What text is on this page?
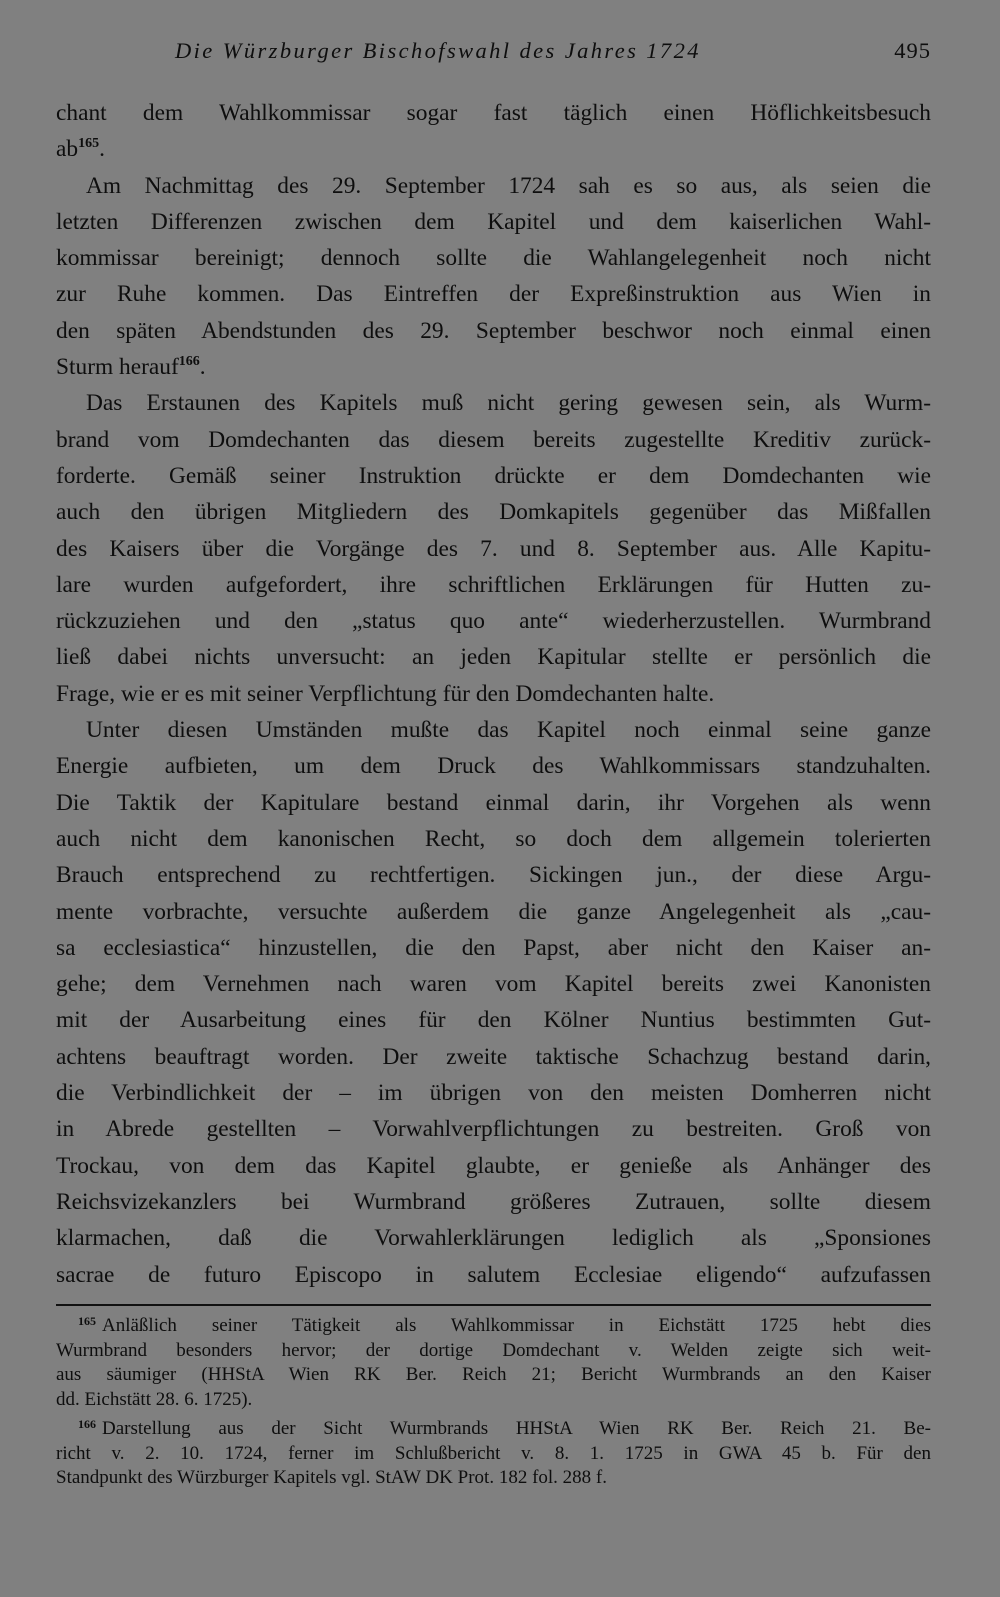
Die Würzburger Bischofswahl des Jahres 1724	495
chant dem Wahlkommissar sogar fast täglich einen Höflichkeitsbesuch
ab$^{165}$.
Am Nachmittag des 29. September 1724 sah es so aus, als seien die
letzten Differenzen zwischen dem Kapitel und dem kaiserlichen Wahl-
kommissar bereinigt; dennoch sollte die Wahlangelegenheit noch nicht
zur Ruhe kommen. Das Eintreffen der Expreßinstruktion aus Wien in
den späten Abendstunden des 29. September beschwor noch einmal einen
Sturm herauf$^{166}$.
Das Erstaunen des Kapitels muß nicht gering gewesen sein, als Wurm-
brand vom Domdechanten das diesem bereits zugestellte Kreditiv zurück-
forderte. Gemäß seiner Instruktion drückte er dem Domdechanten wie
auch den übrigen Mitgliedern des Domkapitels gegenüber das Mißfallen
des Kaisers über die Vorgänge des 7. und 8. September aus. Alle Kapitu-
lare wurden aufgefordert, ihre schriftlichen Erklärungen für Hutten zu-
rückzuziehen und den „status quo ante“ wiederherzustellen. Wurmbrand
ließ dabei nichts unversucht: an jeden Kapitular stellte er persönlich die
Frage, wie er es mit seiner Verpflichtung für den Domdechanten halte.
Unter diesen Umständen mußte das Kapitel noch einmal seine ganze
Energie aufbieten, um dem Druck des Wahlkommissars standzuhalten.
Die Taktik der Kapitulare bestand einmal darin, ihr Vorgehen als wenn
auch nicht dem kanonischen Recht, so doch dem allgemein tolerierten
Brauch entsprechend zu rechtfertigen. Sickingen jun., der diese Argu-
mente vorbrachte, versuchte außerdem die ganze Angelegenheit als „cau-
sa ecclesiastica“ hinzustellen, die den Papst, aber nicht den Kaiser an-
gehe; dem Vernehmen nach waren vom Kapitel bereits zwei Kanonisten
mit der Ausarbeitung eines für den Kölner Nuntius bestimmten Gut-
achtens beauftragt worden. Der zweite taktische Schachzug bestand darin,
die Verbindlichkeit der – im übrigen von den meisten Domherren nicht
in Abrede gestellten – Vorwahlverpflichtungen zu bestreiten. Groß von
Trockau, von dem das Kapitel glaubte, er genieße als Anhänger des
Reichsvizekanzlers bei Wurmbrand größeres Zutrauen, sollte diesem
klarmachen, daß die Vorwahlerklärungen lediglich als „Sponsiones
sacrae de futuro Episcopo in salutem Ecclesiae eligendo“ aufzufassen
$^{165}$ Anläßlich seiner Tätigkeit als Wahlkommissar in Eichstätt 1725 hebt dies
Wurmbrand besonders hervor; der dortige Domdechant v. Welden zeigte sich weit-
aus säumiger (HHStA Wien RK Ber. Reich 21; Bericht Wurmbrands an den Kaiser
dd. Eichstätt 28. 6. 1725).
$^{166}$ Darstellung aus der Sicht Wurmbrands HHStA Wien RK Ber. Reich 21. Be-
richt v. 2. 10. 1724, ferner im Schlußbericht v. 8. 1. 1725 in GWA 45 b. Für den
Standpunkt des Würzburger Kapitels vgl. StAW DK Prot. 182 fol. 288 f.
